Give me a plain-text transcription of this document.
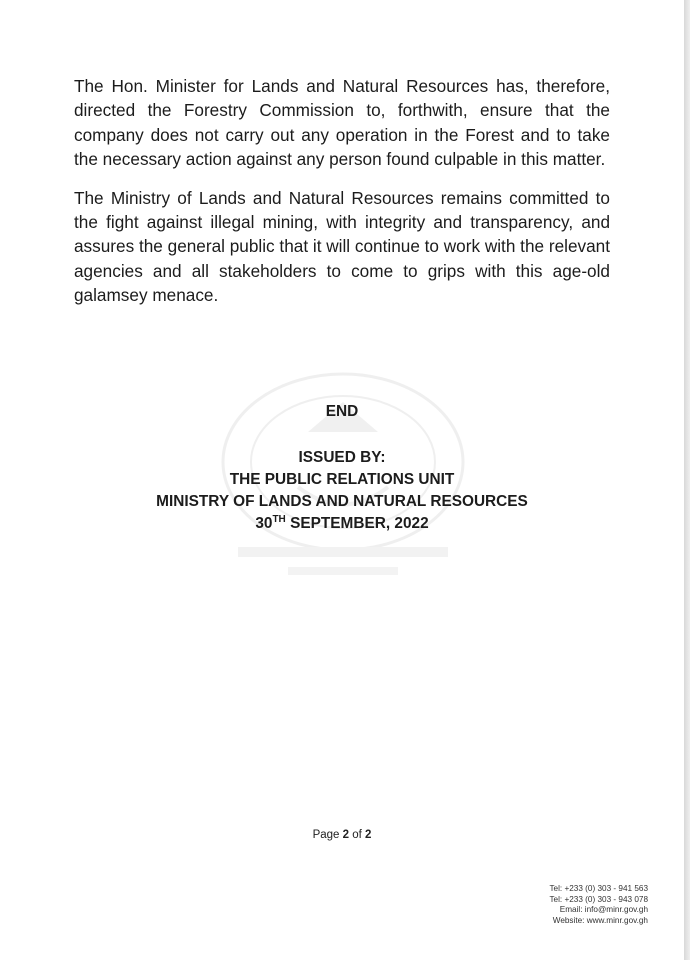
The Hon. Minister for Lands and Natural Resources has, therefore, directed the Forestry Commission to, forthwith, ensure that the company does not carry out any operation in the Forest and to take the necessary action against any person found culpable in this matter.

The Ministry of Lands and Natural Resources remains committed to the fight against illegal mining, with integrity and transparency, and assures the general public that it will continue to work with the relevant agencies and all stakeholders to come to grips with this age-old galamsey menace.

END
ISSUED BY:
THE PUBLIC RELATIONS UNIT
MINISTRY OF LANDS AND NATURAL RESOURCES
30TH SEPTEMBER, 2022
Page 2 of 2
Tel: +233 (0) 303 - 941 563
Tel: +233 (0) 303 - 943 078
Email: info@minr.gov.gh
Website: www.minr.gov.gh
